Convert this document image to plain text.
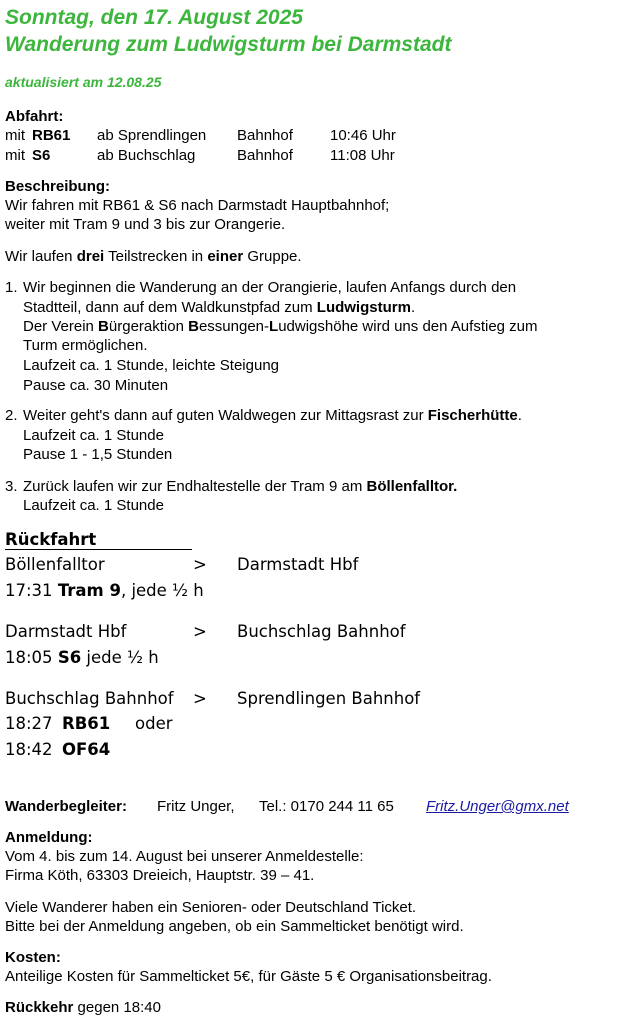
Sonntag, den 17. August 2025
Wanderung zum Ludwigsturm bei Darmstadt
aktualisiert am 12.08.25
Abfahrt:
mit RB61 ab Sprendlingen Bahnhof 10:46 Uhr
mit S6	ab Buchschlag	Bahnhof 11:08 Uhr
Beschreibung:
Wir fahren mit RB61 & S6 nach Darmstadt Hauptbahnhof;
weiter mit Tram 9 und 3 bis zur Orangerie.
Wir laufen drei Teilstrecken in einer Gruppe.
1. Wir beginnen die Wanderung an der Orangierie, laufen Anfangs durch den
Stadtteil, dann auf dem Waldkunstpfad zum Ludwigsturm.
Der Verein Bürgeraktion Bessungen-Ludwigshöhe wird uns den Aufstieg zum
Turm ermöglichen.
Laufzeit ca. 1 Stunde, leichte Steigung
Pause ca. 30 Minuten
2. Weiter geht's dann auf guten Waldwegen zur Mittagsrast zur Fischerhütte.
Laufzeit ca. 1 Stunde
Pause 1 - 1,5 Stunden
3. Zurück laufen wir zur Endhaltestelle der Tram 9 am Böllenfalltor.
Laufzeit ca. 1 Stunde
Rückfahrt
Böllenfalltor	> Darmstadt Hbf
17:31 Tram 9, jede ½ h
Darmstadt Hbf	> Buchschlag Bahnhof
18:05 S6 jede ½ h
Buchschlag Bahnhof > Sprendlingen Bahnhof
18:27 RB61 oder
18:42 OF64
Wanderbegleiter: Fritz Unger, Tel.: 0170 244 11 65 Fritz.Unger@gmx.net
Anmeldung:
Vom 4. bis zum 14. August bei unserer Anmeldestelle:
Firma Köth, 63303 Dreieich, Hauptstr. 39 – 41.
Viele Wanderer haben ein Senioren- oder Deutschland Ticket.
Bitte bei der Anmeldung angeben, ob ein Sammelticket benötigt wird.
Kosten:
Anteilige Kosten für Sammelticket 5€, für Gäste 5 € Organisationsbeitrag.
Rückkehr gegen 18:40
